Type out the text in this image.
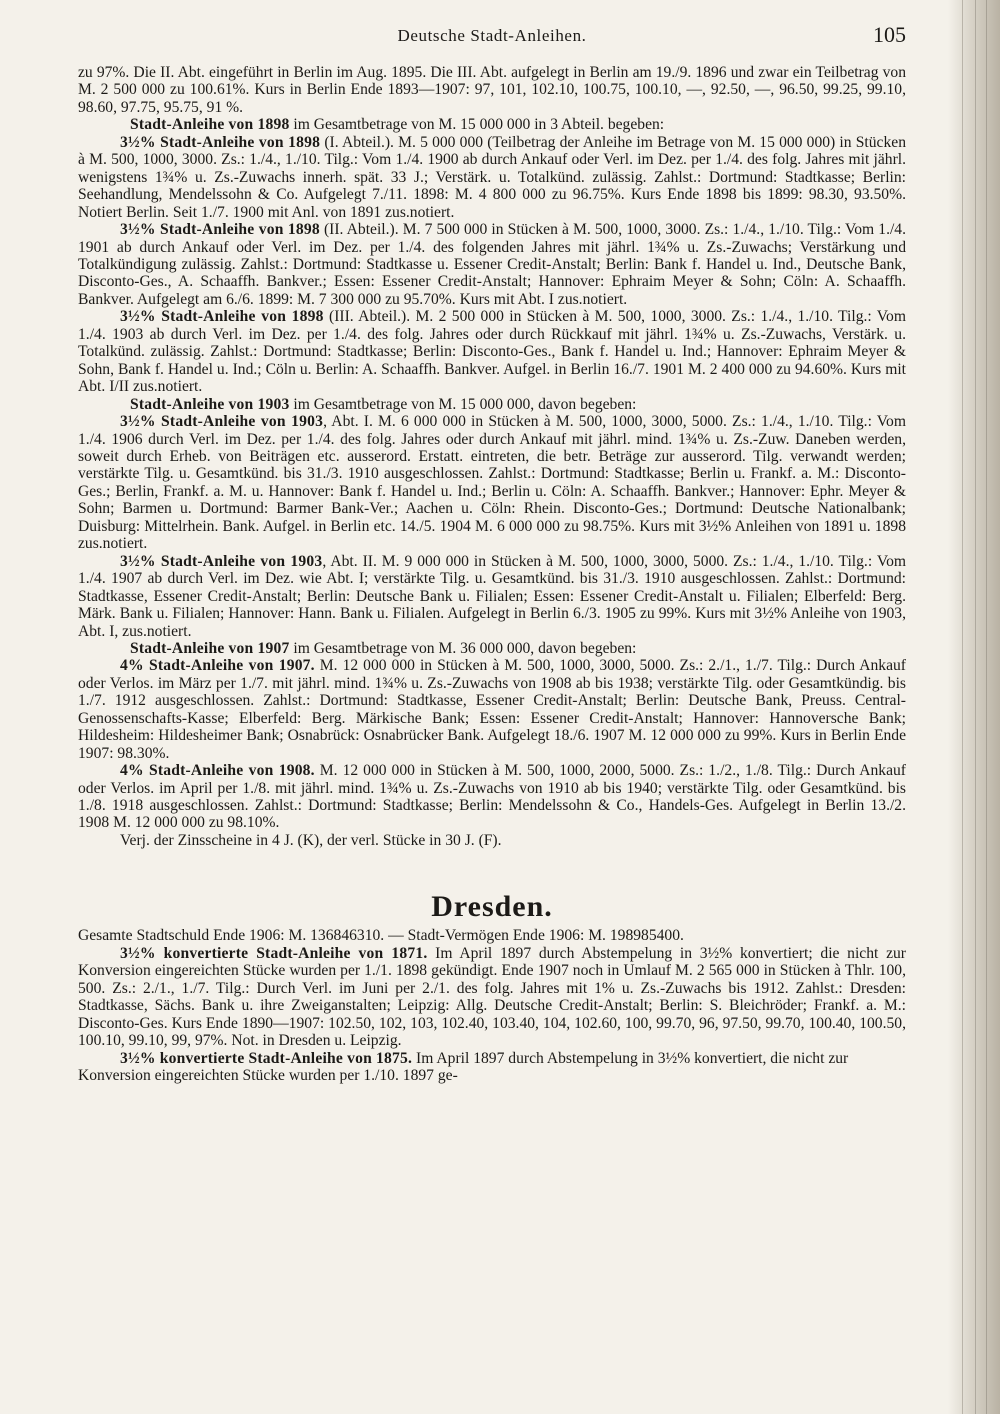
Deutsche Stadt-Anleihen.	105

zu 97%. Die II. Abt. eingeführt in Berlin im Aug. 1895. Die III. Abt. aufgelegt in Berlin am 19./9. 1896 und zwar ein Teilbetrag von M. 2 500 000 zu 100.61%. Kurs in Berlin Ende 1893—1907: 97, 101, 102.10, 100.75, 100.10, —, 92.50, —, 96.50, 99.25, 99.10, 98.60, 97.75, 95.75, 91 %.

Stadt-Anleihe von 1898 im Gesamtbetrage von M. 15 000 000 in 3 Abteil. begeben:

3½% Stadt-Anleihe von 1898 (I. Abteil.). M. 5 000 000 (Teilbetrag der Anleihe im Betrage von M. 15 000 000) in Stücken à M. 500, 1000, 3000. Zs.: 1./4., 1./10. Tilg.: Vom 1./4. 1900 ab durch Ankauf oder Verl. im Dez. per 1./4. des folg. Jahres mit jährl. wenigstens 1¾% u. Zs.-Zuwachs innerh. spät. 33 J.; Verstärk. u. Totalkünd. zulässig. Zahlst.: Dortmund: Stadtkasse; Berlin: Seehandlung, Mendelssohn & Co. Aufgelegt 7./11. 1898: M. 4 800 000 zu 96.75%. Kurs Ende 1898 bis 1899: 98.30, 93.50%. Notiert Berlin. Seit 1./7. 1900 mit Anl. von 1891 zus.notiert.

3½% Stadt-Anleihe von 1898 (II. Abteil.). M. 7 500 000 in Stücken à M. 500, 1000, 3000. Zs.: 1./4., 1./10. Tilg.: Vom 1./4. 1901 ab durch Ankauf oder Verl. im Dez. per 1./4. des folgenden Jahres mit jährl. 1¾% u. Zs.-Zuwachs; Verstärkung und Totalkündigung zulässig. Zahlst.: Dortmund: Stadtkasse u. Essener Credit-Anstalt; Berlin: Bank f. Handel u. Ind., Deutsche Bank, Disconto-Ges., A. Schaaffh. Bankver.; Essen: Essener Credit-Anstalt; Hannover: Ephraim Meyer & Sohn; Cöln: A. Schaaffh. Bankver. Aufgelegt am 6./6. 1899: M. 7 300 000 zu 95.70%. Kurs mit Abt. I zus.notiert.

3½% Stadt-Anleihe von 1898 (III. Abteil.). M. 2 500 000 in Stücken à M. 500, 1000, 3000. Zs.: 1./4., 1./10. Tilg.: Vom 1./4. 1903 ab durch Verl. im Dez. per 1./4. des folg. Jahres oder durch Rückkauf mit jährl. 1¾% u. Zs.-Zuwachs, Verstärk. u. Totalkünd. zulässig. Zahlst.: Dortmund: Stadtkasse; Berlin: Disconto-Ges., Bank f. Handel u. Ind.; Hannover: Ephraim Meyer & Sohn, Bank f. Handel u. Ind.; Cöln u. Berlin: A. Schaaffh. Bankver. Aufgel. in Berlin 16./7. 1901 M. 2 400 000 zu 94.60%. Kurs mit Abt. I/II zus.notiert.

Stadt-Anleihe von 1903 im Gesamtbetrage von M. 15 000 000, davon begeben:

3½% Stadt-Anleihe von 1903, Abt. I. M. 6 000 000 in Stücken à M. 500, 1000, 3000, 5000. Zs.: 1./4., 1./10. Tilg.: Vom 1./4. 1906 durch Verl. im Dez. per 1./4. des folg. Jahres oder durch Ankauf mit jährl. mind. 1¾% u. Zs.-Zuw. Daneben werden, soweit durch Erheb. von Beiträgen etc. ausserord. Erstatt. eintreten, die betr. Beträge zur ausserord. Tilg. verwandt werden; verstärkte Tilg. u. Gesamtkünd. bis 31./3. 1910 ausgeschlossen. Zahlst.: Dortmund: Stadtkasse; Berlin u. Frankf. a. M.: Disconto-Ges.; Berlin, Frankf. a. M. u. Hannover: Bank f. Handel u. Ind.; Berlin u. Cöln: A. Schaaffh. Bankver.; Hannover: Ephr. Meyer & Sohn; Barmen u. Dortmund: Barmer Bank-Ver.; Aachen u. Cöln: Rhein. Disconto-Ges.; Dortmund: Deutsche Nationalbank; Duisburg: Mittelrhein. Bank. Aufgel. in Berlin etc. 14./5. 1904 M. 6 000 000 zu 98.75%. Kurs mit 3½% Anleihen von 1891 u. 1898 zus.notiert.

3½% Stadt-Anleihe von 1903, Abt. II. M. 9 000 000 in Stücken à M. 500, 1000, 3000, 5000. Zs.: 1./4., 1./10. Tilg.: Vom 1./4. 1907 ab durch Verl. im Dez. wie Abt. I; verstärkte Tilg. u. Gesamtkünd. bis 31./3. 1910 ausgeschlossen. Zahlst.: Dortmund: Stadtkasse, Essener Credit-Anstalt; Berlin: Deutsche Bank u. Filialen; Essen: Essener Credit-Anstalt u. Filialen; Elberfeld: Berg. Märk. Bank u. Filialen; Hannover: Hann. Bank u. Filialen. Aufgelegt in Berlin 6./3. 1905 zu 99%. Kurs mit 3½% Anleihe von 1903, Abt. I, zus.notiert.

Stadt-Anleihe von 1907 im Gesamtbetrage von M. 36 000 000, davon begeben:

4% Stadt-Anleihe von 1907. M. 12 000 000 in Stücken à M. 500, 1000, 3000, 5000. Zs.: 2./1., 1./7. Tilg.: Durch Ankauf oder Verlos. im März per 1./7. mit jährl. mind. 1¾% u. Zs.-Zuwachs von 1908 ab bis 1938; verstärkte Tilg. oder Gesamtkündig. bis 1./7. 1912 ausgeschlossen. Zahlst.: Dortmund: Stadtkasse, Essener Credit-Anstalt; Berlin: Deutsche Bank, Preuss. Central-Genossenschafts-Kasse; Elberfeld: Berg. Märkische Bank; Essen: Essener Credit-Anstalt; Hannover: Hannoversche Bank; Hildesheim: Hildesheimer Bank; Osnabrück: Osnabrücker Bank. Aufgelegt 18./6. 1907 M. 12 000 000 zu 99%. Kurs in Berlin Ende 1907: 98.30%.

4% Stadt-Anleihe von 1908. M. 12 000 000 in Stücken à M. 500, 1000, 2000, 5000. Zs.: 1./2., 1./8. Tilg.: Durch Ankauf oder Verlos. im April per 1./8. mit jährl. mind. 1¾% u. Zs.-Zuwachs von 1910 ab bis 1940; verstärkte Tilg. oder Gesamtkünd. bis 1./8. 1918 ausgeschlossen. Zahlst.: Dortmund: Stadtkasse; Berlin: Mendelssohn & Co., Handels-Ges. Aufgelegt in Berlin 13./2. 1908 M. 12 000 000 zu 98.10%.

Verj. der Zinsscheine in 4 J. (K), der verl. Stücke in 30 J. (F).

Dresden.

Gesamte Stadtschuld Ende 1906: M. 136846310. — Stadt-Vermögen Ende 1906: M. 198985400.

3½% konvertierte Stadt-Anleihe von 1871. Im April 1897 durch Abstempelung in 3½% konvertiert; die nicht zur Konversion eingereichten Stücke wurden per 1./1. 1898 gekündigt. Ende 1907 noch in Umlauf M. 2 565 000 in Stücken à Thlr. 100, 500. Zs.: 2./1., 1./7. Tilg.: Durch Verl. im Juni per 2./1. des folg. Jahres mit 1% u. Zs.-Zuwachs bis 1912. Zahlst.: Dresden: Stadtkasse, Sächs. Bank u. ihre Zweiganstalten; Leipzig: Allg. Deutsche Credit-Anstalt; Berlin: S. Bleichröder; Frankf. a. M.: Disconto-Ges. Kurs Ende 1890—1907: 102.50, 102, 103, 102.40, 103.40, 104, 102.60, 100, 99.70, 96, 97.50, 99.70, 100.40, 100.50, 100.10, 99.10, 99, 97%. Not. in Dresden u. Leipzig.

3½% konvertierte Stadt-Anleihe von 1875. Im April 1897 durch Abstempelung in 3½% konvertiert, die nicht zur Konversion eingereichten Stücke wurden per 1./10. 1897 ge-
